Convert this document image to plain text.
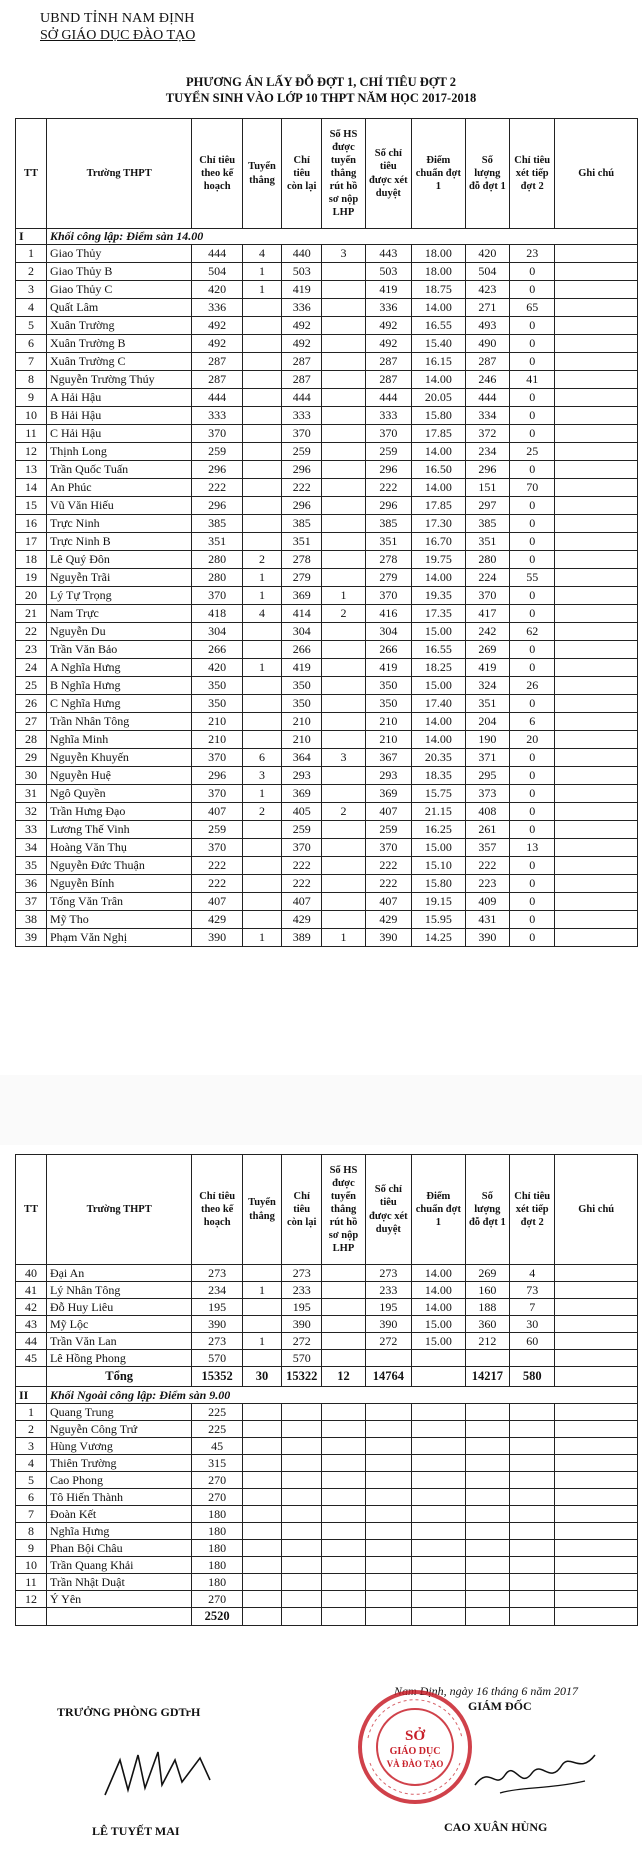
UBND TỈNH NAM ĐỊNH
SỞ GIÁO DỤC ĐÀO TẠO
PHƯƠNG ÁN LẤY ĐỖ ĐỢT 1, CHỈ TIÊU ĐỢT 2
TUYỂN SINH VÀO LỚP 10 THPT NĂM HỌC 2017-2018
TT	Trường THPT	Chỉ tiêu theo kế hoạch	Tuyển thẳng	Chỉ tiêu còn lại	Số HS được tuyển thẳng rút hồ sơ nộp LHP	Số chỉ tiêu được xét duyệt	Điểm chuẩn đợt 1	Số lượng đỗ đợt 1	Chỉ tiêu xét tiếp đợt 2	Ghi chú
I	Khối công lập: Điểm sàn 14.00									
1	Giao Thủy	444	4	440	3	443	18.00	420	23	
2	Giao Thủy B	504	1	503		503	18.00	504	0	
3	Giao Thủy C	420	1	419		419	18.75	423	0	
4	Quất Lâm	336		336		336	14.00	271	65	
5	Xuân Trường	492		492		492	16.55	493	0	
6	Xuân Trường B	492		492		492	15.40	490	0	
7	Xuân Trường C	287		287		287	16.15	287	0	
8	Nguyễn Trường Thúy	287		287		287	14.00	246	41	
9	A Hải Hậu	444		444		444	20.05	444	0	
10	B Hải Hậu	333		333		333	15.80	334	0	
11	C Hải Hậu	370		370		370	17.85	372	0	
12	Thịnh Long	259		259		259	14.00	234	25	
13	Trần Quốc Tuấn	296		296		296	16.50	296	0	
14	An Phúc	222		222		222	14.00	151	70	
15	Vũ Văn Hiếu	296		296		296	17.85	297	0	
16	Trực Ninh	385		385		385	17.30	385	0	
17	Trực Ninh B	351		351		351	16.70	351	0	
18	Lê Quý Đôn	280	2	278		278	19.75	280	0	
19	Nguyễn Trãi	280	1	279		279	14.00	224	55	
20	Lý Tự Trọng	370	1	369	1	370	19.35	370	0	
21	Nam Trực	418	4	414	2	416	17.35	417	0	
22	Nguyễn Du	304		304		304	15.00	242	62	
23	Trần Văn Bảo	266		266		266	16.55	269	0	
24	A Nghĩa Hưng	420	1	419		419	18.25	419	0	
25	B Nghĩa Hưng	350		350		350	15.00	324	26	
26	C Nghĩa Hưng	350		350		350	17.40	351	0	
27	Trần Nhân Tông	210		210		210	14.00	204	6	
28	Nghĩa Minh	210		210		210	14.00	190	20	
29	Nguyễn Khuyến	370	6	364	3	367	20.35	371	0	
30	Nguyễn Huệ	296	3	293		293	18.35	295	0	
31	Ngô Quyền	370	1	369		369	15.75	373	0	
32	Trần Hưng Đạo	407	2	405	2	407	21.15	408	0	
33	Lương Thế Vinh	259		259		259	16.25	261	0	
34	Hoàng Văn Thụ	370		370		370	15.00	357	13	
35	Nguyễn Đức Thuận	222		222		222	15.10	222	0	
36	Nguyễn Bính	222		222		222	15.80	223	0	
37	Tống Văn Trân	407		407		407	19.15	409	0	
38	Mỹ Tho	429		429		429	15.95	431	0	
39	Phạm Văn Nghị	390	1	389	1	390	14.25	390	0	
TT	Trường THPT	Chỉ tiêu theo kế hoạch	Tuyển thẳng	Chỉ tiêu còn lại	Số HS được tuyển thẳng rút hồ sơ nộp LHP	Số chỉ tiêu được xét duyệt	Điểm chuẩn đợt 1	Số lượng đỗ đợt 1	Chỉ tiêu xét tiếp đợt 2	Ghi chú
40	Đại An	273		273		273	14.00	269	4	
41	Lý Nhân Tông	234	1	233		233	14.00	160	73	
42	Đỗ Huy Liêu	195		195		195	14.00	188	7	
43	Mỹ Lộc	390		390		390	15.00	360	30	
44	Trần Văn Lan	273	1	272		272	15.00	212	60	
45	Lê Hồng Phong	570		570						
	Tổng	15352	30	15322	12	14764		14217	580	
II	Khối Ngoài công lập: Điểm sàn 9.00									
1	Quang Trung	225								
2	Nguyễn Công Trứ	225								
3	Hùng Vương	45								
4	Thiên Trường	315								
5	Cao Phong	270								
6	Tô Hiến Thành	270								
7	Đoàn Kết	180								
8	Nghĩa Hưng	180								
9	Phan Bội Châu	180								
10	Trần Quang Khải	180								
11	Trần Nhật Duật	180								
12	Ý Yên	270								
		2520								
Nam Định, ngày 16 tháng 6 năm 2017
GIÁM ĐỐC
TRƯỞNG PHÒNG GDTrH
SỞ
GIÁO DỤC
VÀ ĐÀO TẠO
LÊ TUYẾT MAI	CAO XUÂN HÙNG
